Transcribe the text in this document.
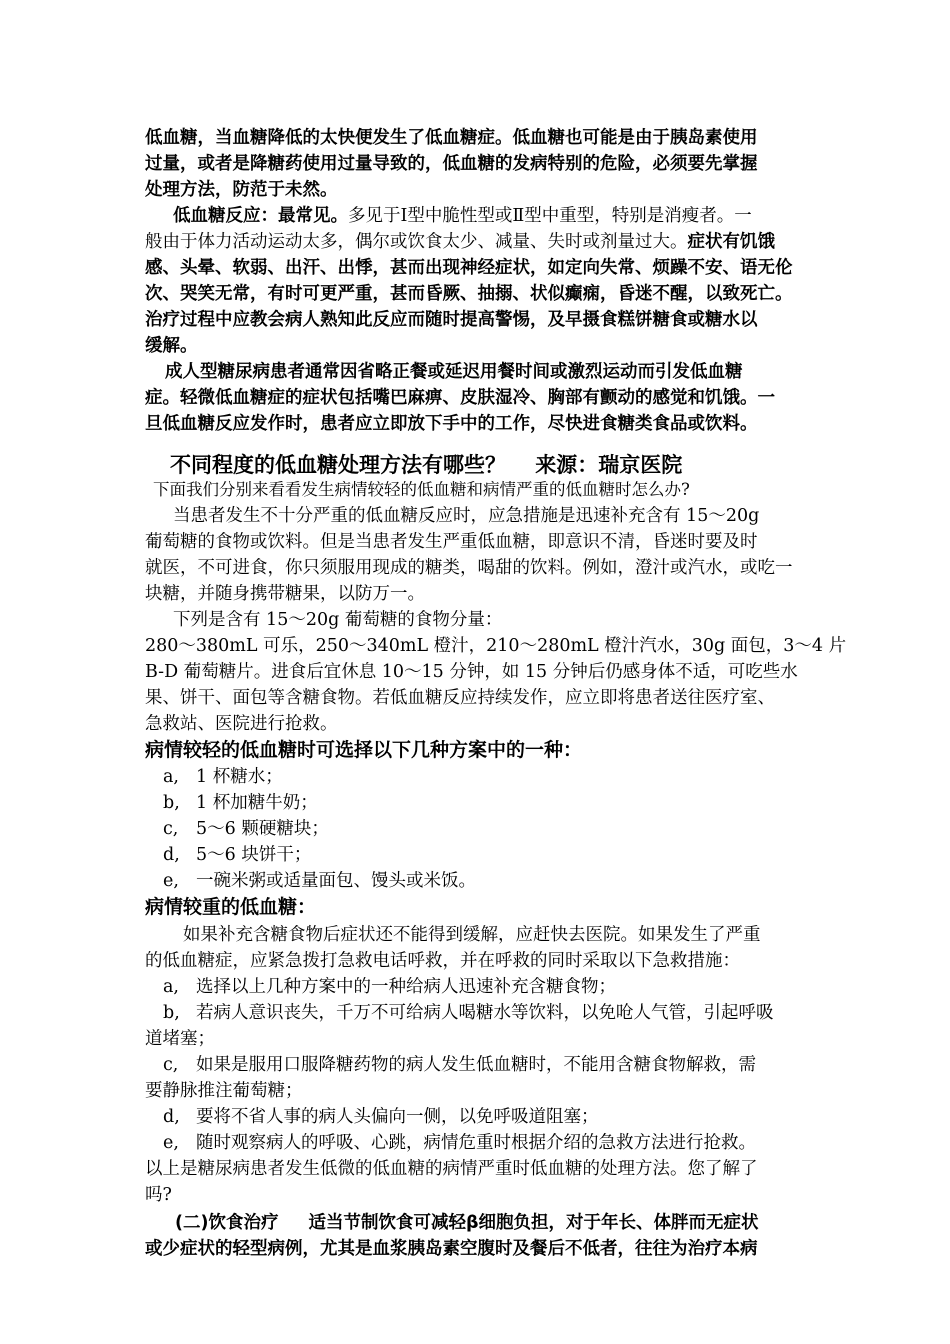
低血糖，当血糖降低的太快便发生了低血糖症。低血糖也可能是由于胰岛素使用
过量，或者是降糖药使用过量导致的，低血糖的发病特别的危险，必须要先掌握
处理方法，防范于未然。
低血糖反应：最常见。多见于Ⅰ型中脆性型或Ⅱ型中重型，特别是消瘦者。一
般由于体力活动运动太多，偶尔或饮食太少、减量、失时或剂量过大。症状有饥饿
感、头晕、软弱、出汗、出悸，甚而出现神经症状，如定向失常、烦躁不安、语无伦
次、哭笑无常，有时可更严重，甚而昏厥、抽搦、状似癫痫，昏迷不醒，以致死亡。
治疗过程中应教会病人熟知此反应而随时提高警惕，及早摄食糕饼糖食或糖水以
缓解。
成人型糖尿病患者通常因省略正餐或延迟用餐时间或激烈运动而引发低血糖
症。轻微低血糖症的症状包括嘴巴麻痹、皮肤湿冷、胸部有颤动的感觉和饥饿。一
旦低血糖反应发作时，患者应立即放下手中的工作，尽快进食糖类食品或饮料。
不同程度的低血糖处理方法有哪些？    来源：瑞京医院
下面我们分别来看看发生病情较轻的低血糖和病情严重的低血糖时怎么办?
当患者发生不十分严重的低血糖反应时，应急措施是迅速补充含有 15～20g
葡萄糖的食物或饮料。但是当患者发生严重低血糖，即意识不清，昏迷时要及时
就医，不可进食，你只须服用现成的糖类，喝甜的饮料。例如，澄汁或汽水，或吃一
块糖，并随身携带糖果，以防万一。
下列是含有 15～20g 葡萄糖的食物分量：
280～380mL 可乐，250～340mL 橙汁，210～280mL 橙汁汽水，30g 面包，3～4 片
B-D 葡萄糖片。进食后宜休息 10～15 分钟，如 15 分钟后仍感身体不适，可吃些水
果、饼干、面包等含糖食物。若低血糖反应持续发作，应立即将患者送往医疗室、
急救站、医院进行抢救。
病情较轻的低血糖时可选择以下几种方案中的一种：
a, 1 杯糖水；
b, 1 杯加糖牛奶；
c, 5～6 颗硬糖块；
d, 5～6 块饼干；
e, 一碗米粥或适量面包、馒头或米饭。
病情较重的低血糖：
如果补充含糖食物后症状还不能得到缓解，应赶快去医院。如果发生了严重
的低血糖症，应紧急拨打急救电话呼救，并在呼救的同时采取以下急救措施：
a, 选择以上几种方案中的一种给病人迅速补充含糖食物；
b, 若病人意识丧失，千万不可给病人喝糖水等饮料，以免呛人气管，引起呼吸
道堵塞；
c, 如果是服用口服降糖药物的病人发生低血糖时，不能用含糖食物解救，需
要静脉推注葡萄糖；
d, 要将不省人事的病人头偏向一侧，以免呼吸道阻塞；
e, 随时观察病人的呼吸、心跳，病情危重时根据介绍的急救方法进行抢救。
以上是糖尿病患者发生低微的低血糖的病情严重时低血糖的处理方法。您了解了
吗?
(二)饮食治疗 适当节制饮食可减轻β细胞负担，对于年长、体胖而无症状
或少症状的轻型病例，尤其是血浆胰岛素空腹时及餐后不低者，往往为治疗本病
